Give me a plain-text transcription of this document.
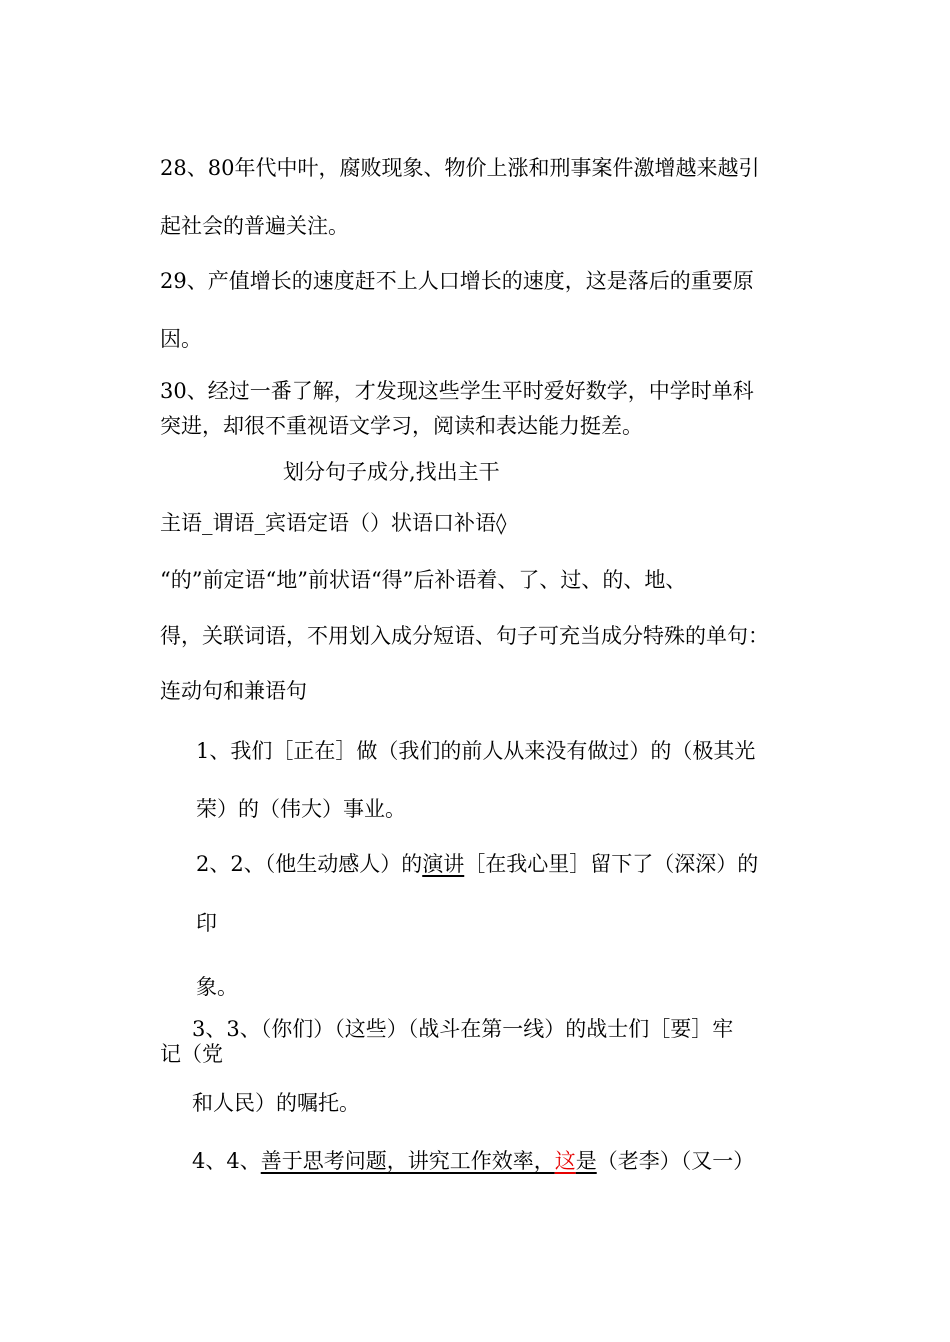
28、80年代中叶，腐败现象、物价上涨和刑事案件激增越来越引

起社会的普遍关注。

29、产值增长的速度赶不上人口增长的速度，这是落后的重要原

因。

30、经过一番了解，才发现这些学生平时爱好数学，中学时单科

突进，却很不重视语文学习，阅读和表达能力挺差。

划分句子成分,找出主干

主语_谓语_宾语定语（）状语口补语◊

“的”前定语“地”前状语“得”后补语着、了、过、的、地、

得，关联词语，不用划入成分短语、句子可充当成分特殊的单句：

连动句和兼语句

1、我们［正在］做（我们的前人从来没有做过）的（极其光

荣）的（伟大）事业。

2、2、（他生动感人）的演讲［在我心里］留下了（深深）的

印

象。

3、3、（你们）（这些）（战斗在第一线）的战士们［要］牢

记（党

和人民）的嘱托。

4、4、善于思考问题，讲究工作效率，这是（老李）（又一）
